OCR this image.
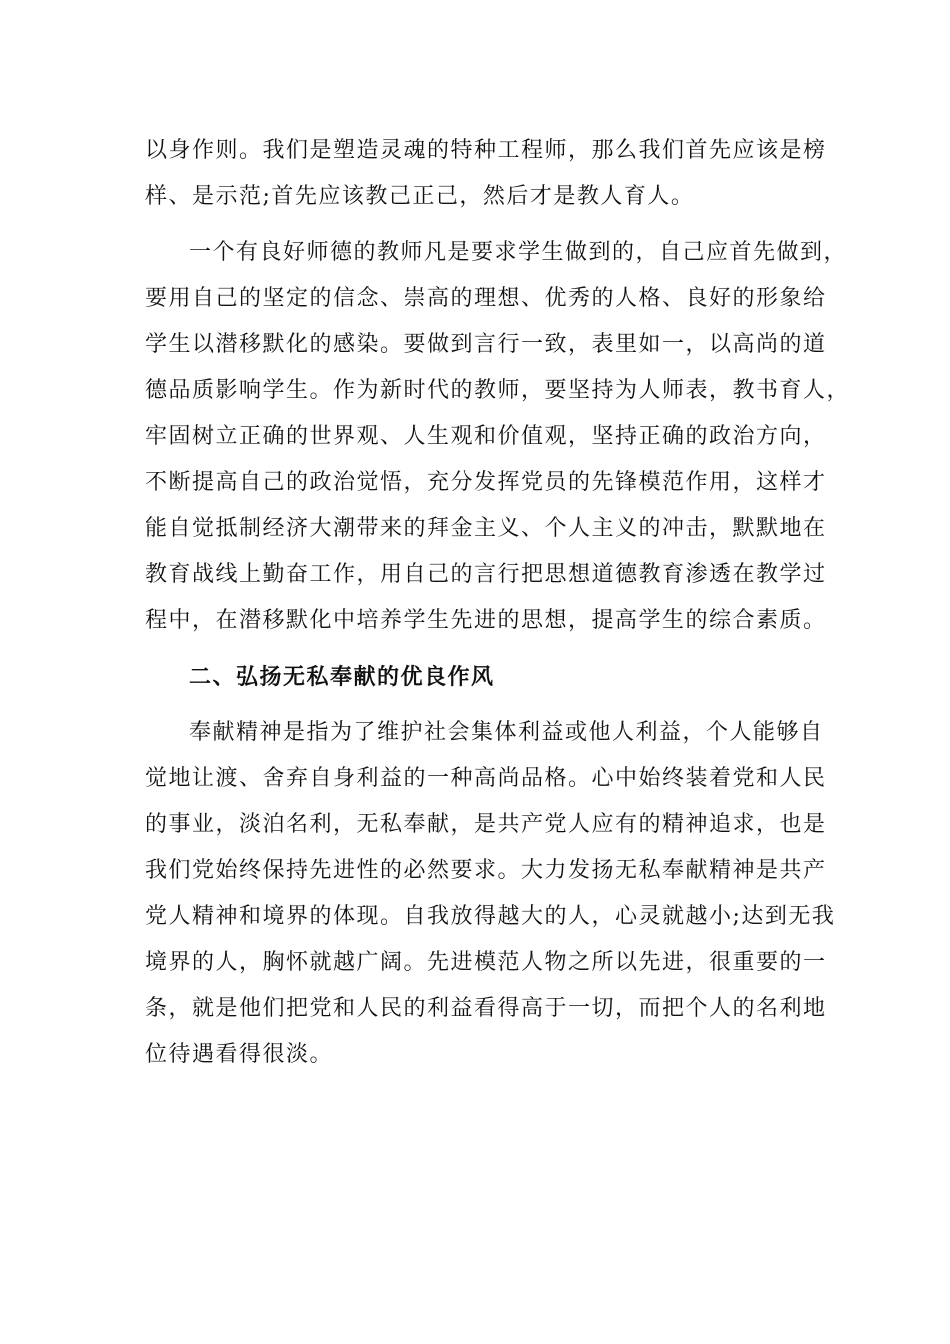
以身作则。我们是塑造灵魂的特种工程师，那么我们首先应该是榜
样、是示范;首先应该教己正己，然后才是教人育人。
一个有良好师德的教师凡是要求学生做到的，自己应首先做到，
要用自己的坚定的信念、崇高的理想、优秀的人格、良好的形象给
学生以潜移默化的感染。要做到言行一致，表里如一，以高尚的道
德品质影响学生。作为新时代的教师，要坚持为人师表，教书育人，
牢固树立正确的世界观、人生观和价值观，坚持正确的政治方向，
不断提高自己的政治觉悟，充分发挥党员的先锋模范作用，这样才
能自觉抵制经济大潮带来的拜金主义、个人主义的冲击，默默地在
教育战线上勤奋工作，用自己的言行把思想道德教育渗透在教学过
程中，在潜移默化中培养学生先进的思想，提高学生的综合素质。
二、弘扬无私奉献的优良作风
奉献精神是指为了维护社会集体利益或他人利益，个人能够自
觉地让渡、舍弃自身利益的一种高尚品格。心中始终装着党和人民
的事业，淡泊名利，无私奉献，是共产党人应有的精神追求，也是
我们党始终保持先进性的必然要求。大力发扬无私奉献精神是共产
党人精神和境界的体现。自我放得越大的人，心灵就越小;达到无我
境界的人，胸怀就越广阔。先进模范人物之所以先进，很重要的一
条，就是他们把党和人民的利益看得高于一切，而把个人的名利地
位待遇看得很淡。
